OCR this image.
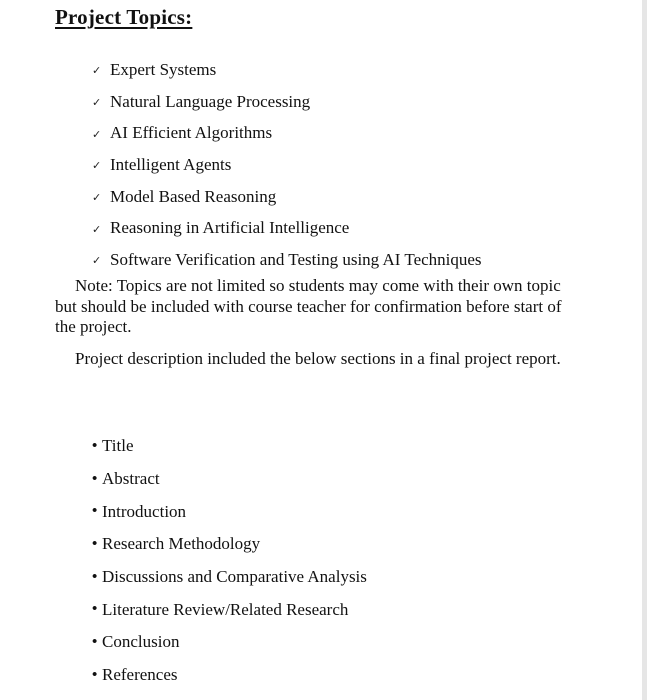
Project Topics:
✓ Expert Systems
✓ Natural Language Processing
✓ AI Efficient Algorithms
✓ Intelligent Agents
✓ Model Based Reasoning
✓ Reasoning in Artificial Intelligence
✓ Software Verification and Testing using AI Techniques

Note: Topics are not limited so students may come with their own topic but should be included with course teacher for confirmation before start of the project.

Project description included the below sections in a final project report.

• Title
• Abstract
• Introduction
• Research Methodology
• Discussions and Comparative Analysis
• Literature Review/Related Research
• Conclusion
• References
